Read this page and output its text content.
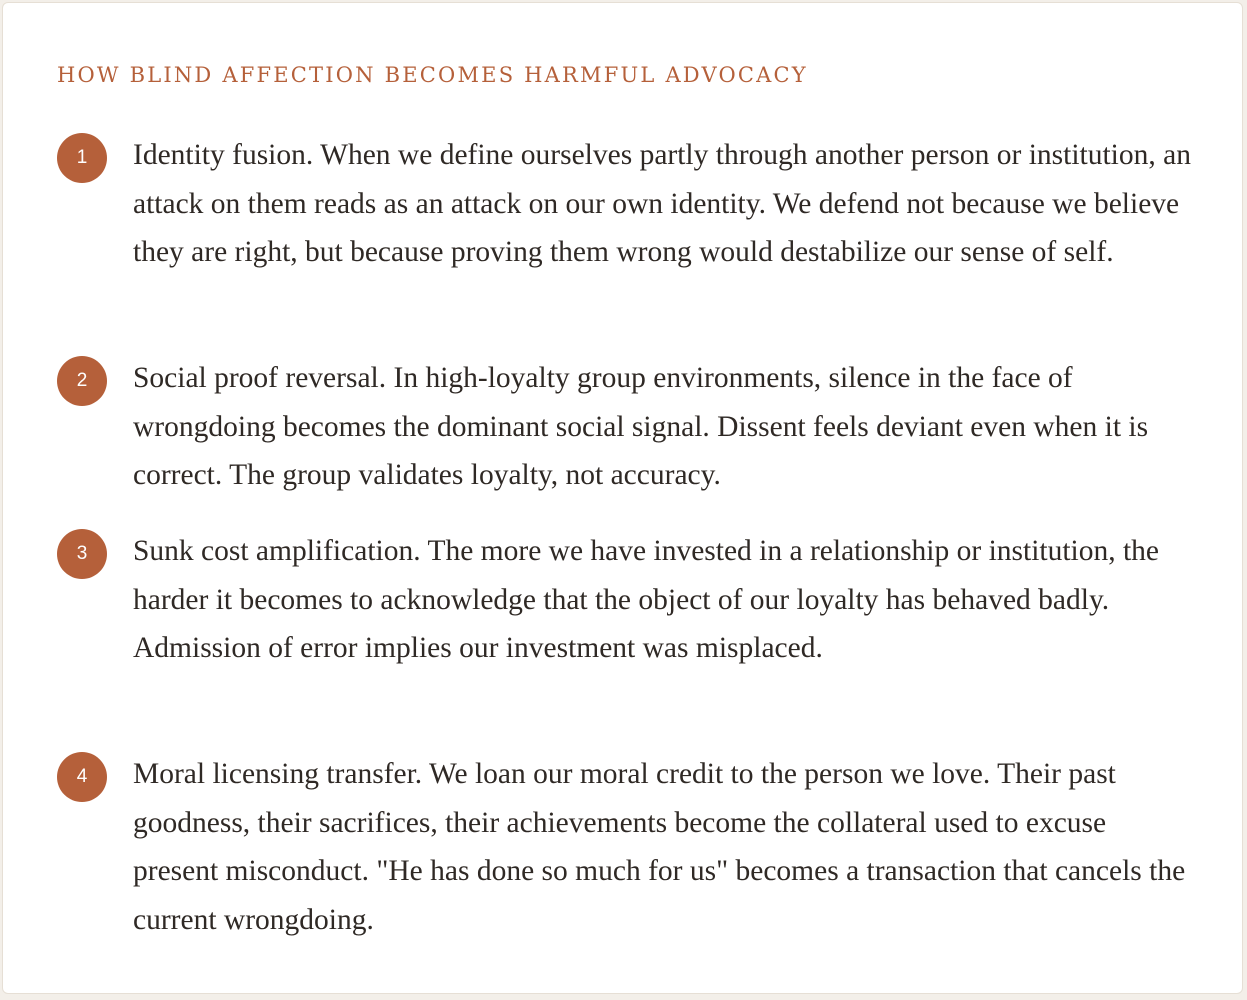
HOW BLIND AFFECTION BECOMES HARMFUL ADVOCACY
1	Identity fusion. When we define ourselves partly through another person or institution, an attack on them reads as an attack on our own identity. We defend not because we believe they are right, but because proving them wrong would destabilize our sense of self.
2	Social proof reversal. In high-loyalty group environments, silence in the face of wrongdoing becomes the dominant social signal. Dissent feels deviant even when it is correct. The group validates loyalty, not accuracy.
3	Sunk cost amplification. The more we have invested in a relationship or institution, the harder it becomes to acknowledge that the object of our loyalty has behaved badly. Admission of error implies our investment was misplaced.
4	Moral licensing transfer. We loan our moral credit to the person we love. Their past goodness, their sacrifices, their achievements become the collateral used to excuse present misconduct. "He has done so much for us" becomes a transaction that cancels the current wrongdoing.
